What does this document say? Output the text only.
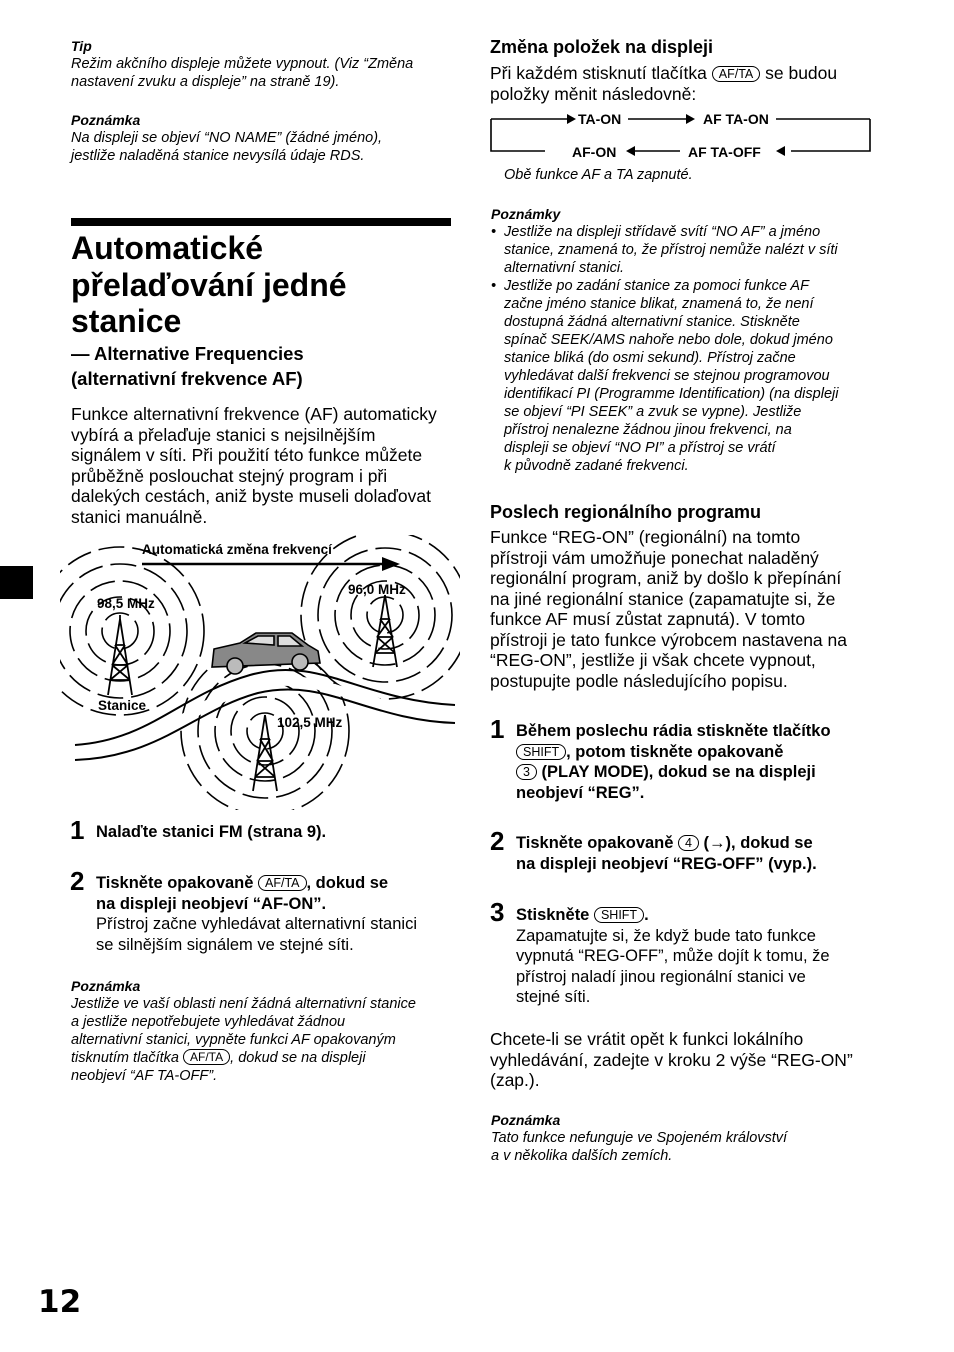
Tip
Režim akčního displeje můžete vypnout. (Viz “Změna
nastavení zvuku a displeje” na straně 19).
Poznámka
Na displeji se objeví “NO NAME” (žádné jméno),
jestliže naladěná stanice nevysílá údaje RDS.
Automatické
přelaďování jedné
stanice
— Alternative Frequencies
(alternativní frekvence AF)
Funkce alternativní frekvence (AF) automaticky
vybírá a přelaďuje stanici s nejsilnějším
signálem v síti. Při použití této funkce můžete
průběžně poslouchat stejný program i při
dalekých cestách, aniž byste museli dolaďovat
stanici manuálně.
Automatická změna frekvencí
98,5 MHz
96,0 MHz
102,5 MHz
Stanice
1 Nalaďte stanici FM (strana 9).
2 Tiskněte opakovaně AF/TA , dokud se
na displeji neobjeví “AF-ON”.
Přístroj začne vyhledávat alternativní stanici
se silnějším signálem ve stejné síti.
Poznámka
Jestliže ve vaší oblasti není žádná alternativní stanice
a jestliže nepotřebujete vyhledávat žádnou
alternativní stanici, vypněte funkci AF opakovaným
tisknutím tlačítka AF/TA , dokud se na displeji
neobjeví “AF TA-OFF”.
12
Změna položek na displeji
Při každém stisknutí tlačítka AF/TA se budou
položky měnit následovně:
TA-ON	AF TA-ON
AF-ON	AF TA-OFF
Obě funkce AF a TA zapnuté.
Poznámky
• Jestliže na displeji střídavě svítí “NO AF” a jméno
stanice, znamená to, že přístroj nemůže nalézt v síti
alternativní stanici.
• Jestliže po zadání stanice za pomoci funkce AF
začne jméno stanice blikat, znamená to, že není
dostupná žádná alternativní stanice. Stiskněte
spínač SEEK/AMS nahoře nebo dole, dokud jméno
stanice bliká (do osmi sekund). Přístroj začne
vyhledávat další frekvenci se stejnou programovou
identifikací PI (Programme Identification) (na displeji
se objeví “PI SEEK” a zvuk se vypne). Jestliže
přístroj nenalezne žádnou jinou frekvenci, na
displeji se objeví “NO PI” a přístroj se vrátí
k původně zadané frekvenci.
Poslech regionálního programu
Funkce “REG-ON” (regionální) na tomto
přístroji vám umožňuje ponechat naladěný
regionální program, aniž by došlo k přepínání
na jiné regionální stanice (zapamatujte si, že
funkce AF musí zůstat zapnutá). V tomto
přístroji je tato funkce výrobcem nastavena na
“REG-ON”, jestliže ji však chcete vypnout,
postupujte podle následujícího popisu.
1 Během poslechu rádia stiskněte tlačítko
SHIFT , potom tiskněte opakovaně
3 (PLAY MODE), dokud se na displeji
neobjeví “REG”.
2 Tiskněte opakovaně 4 (→), dokud se
na displeji neobjeví “REG-OFF” (vyp.).
3 Stiskněte SHIFT .
Zapamatujte si, že když bude tato funkce
vypnutá “REG-OFF”, může dojít k tomu, že
přístroj naladí jinou regionální stanici ve
stejné síti.
Chcete-li se vrátit opět k funkci lokálního
vyhledávání, zadejte v kroku 2 výše “REG-ON”
(zap.).
Poznámka
Tato funkce nefunguje ve Spojeném království
a v několika dalších zemích.
